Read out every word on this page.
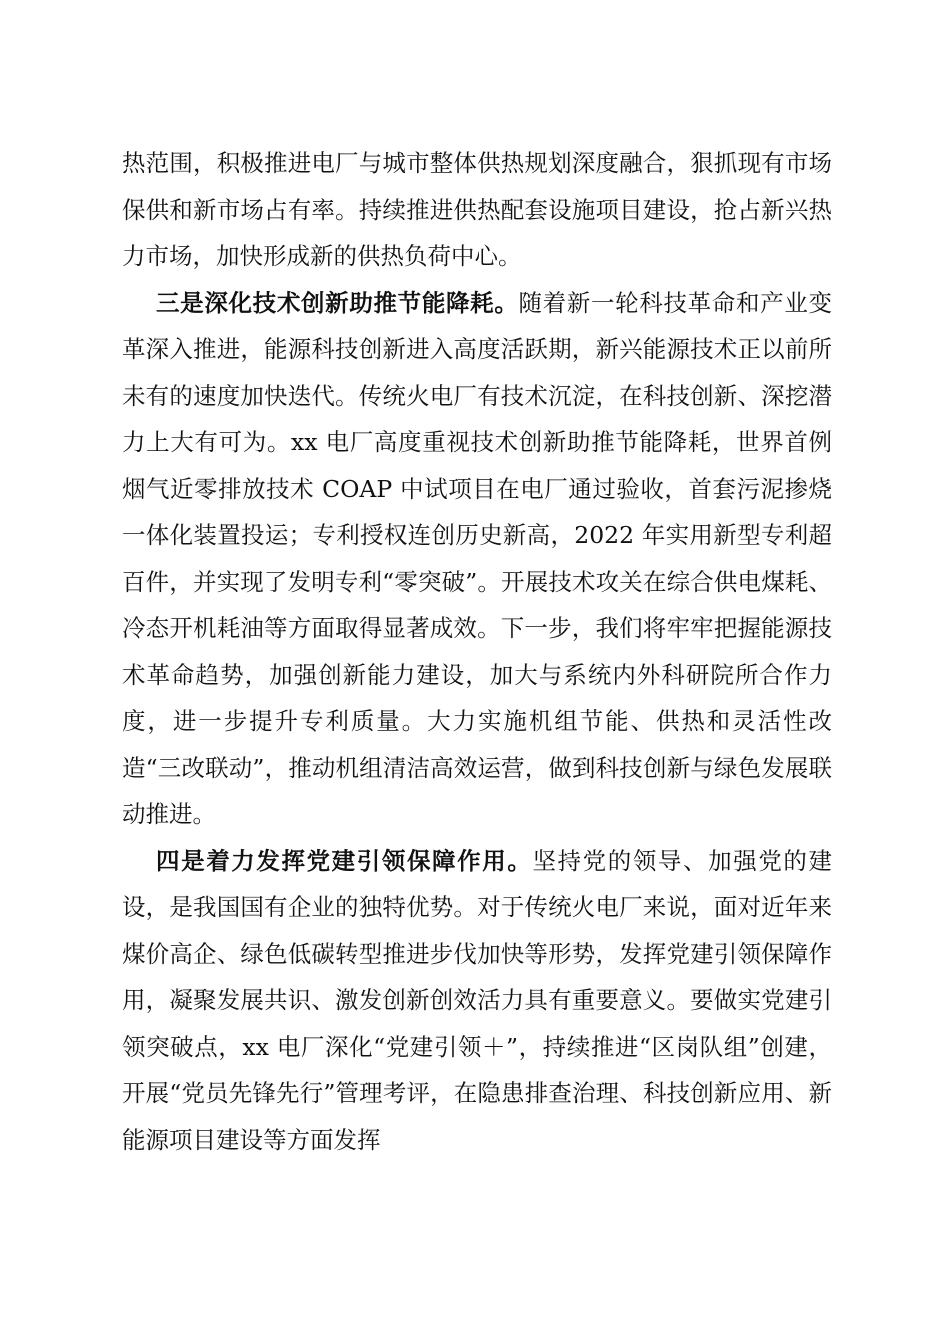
热范围，积极推进电厂与城市整体供热规划深度融合，狠抓现有市场保供和新市场占有率。持续推进供热配套设施项目建设，抢占新兴热力市场，加快形成新的供热负荷中心。

三是深化技术创新助推节能降耗。随着新一轮科技革命和产业变革深入推进，能源科技创新进入高度活跃期，新兴能源技术正以前所未有的速度加快迭代。传统火电厂有技术沉淀，在科技创新、深挖潜力上大有可为。xx 电厂高度重视技术创新助推节能降耗，世界首例烟气近零排放技术 COAP 中试项目在电厂通过验收，首套污泥掺烧一体化装置投运；专利授权连创历史新高，2022 年实用新型专利超百件，并实现了发明专利“零突破”。开展技术攻关在综合供电煤耗、冷态开机耗油等方面取得显著成效。下一步，我们将牢牢把握能源技术革命趋势，加强创新能力建设，加大与系统内外科研院所合作力度，进一步提升专利质量。大力实施机组节能、供热和灵活性改造“三改联动”，推动机组清洁高效运营，做到科技创新与绿色发展联动推进。

四是着力发挥党建引领保障作用。坚持党的领导、加强党的建设，是我国国有企业的独特优势。对于传统火电厂来说，面对近年来煤价高企、绿色低碳转型推进步伐加快等形势，发挥党建引领保障作用，凝聚发展共识、激发创新创效活力具有重要意义。要做实党建引领突破点，xx 电厂深化“党建引领＋”，持续推进“区岗队组”创建，开展“党员先锋先行”管理考评，在隐患排查治理、科技创新应用、新能源项目建设等方面发挥
